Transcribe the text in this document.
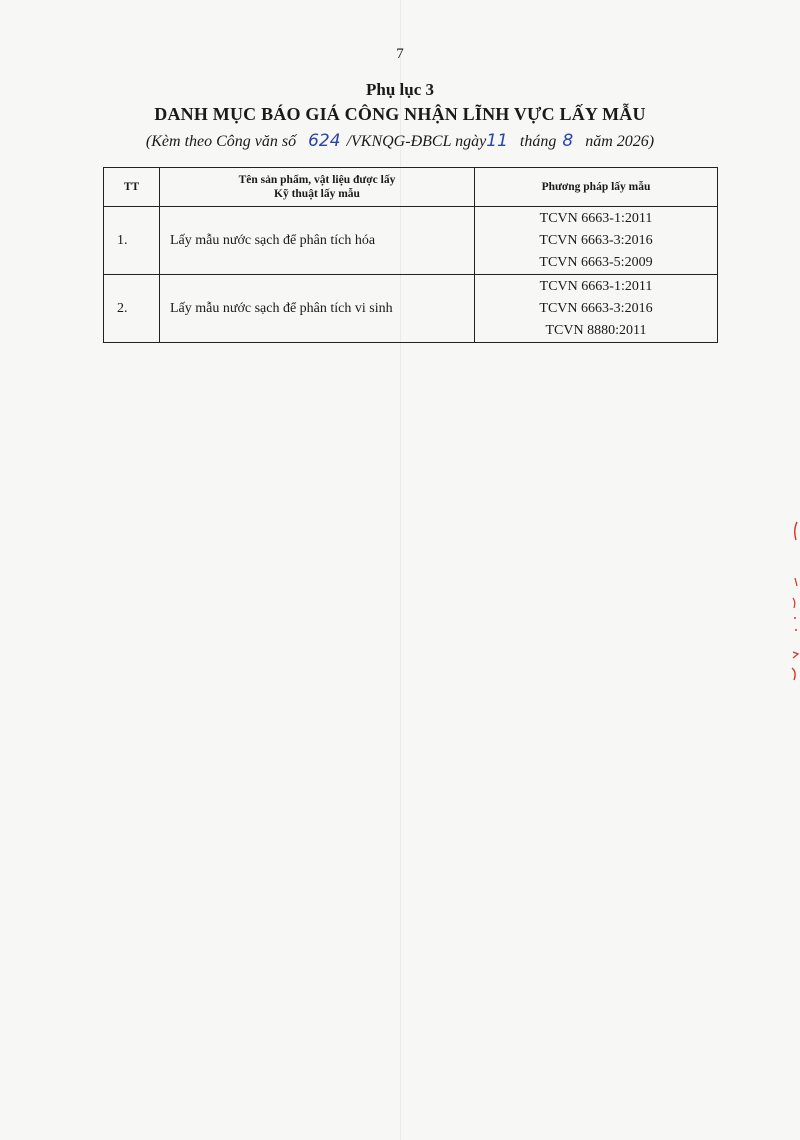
7
Phụ lục 3
DANH MỤC BÁO GIÁ CÔNG NHẬN LĨNH VỰC LẤY MẪU
(Kèm theo Công văn số 624 /VKNQG-ĐBCL ngày11 tháng 8 năm 2026)
TT	Tên sản phẩm, vật liệu được lấy
Kỹ thuật lấy mẫu	Phương pháp lấy mẫu
1.	Lấy mẫu nước sạch để phân tích hóa	TCVN 6663-1:2011
TCVN 6663-3:2016
TCVN 6663-5:2009

2.	Lấy mẫu nước sạch để phân tích vi sinh	TCVN 6663-1:2011
TCVN 6663-3:2016
TCVN 8880:2011
